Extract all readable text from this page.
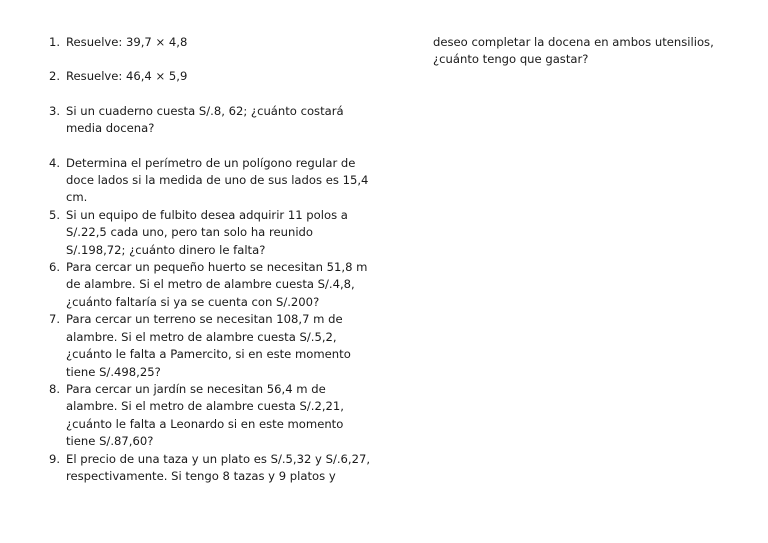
1. Resuelve: 39,7 × 4,8
2. Resuelve: 46,4 × 5,9
3. Si un cuaderno cuesta S/.8, 62; ¿cuánto costará
media docena?
4. Determina el perímetro de un polígono regular de
doce lados si la medida de uno de sus lados es 15,4
cm.
5. Si un equipo de fulbito desea adquirir 11 polos a
S/.22,5 cada uno, pero tan solo ha reunido
S/.198,72; ¿cuánto dinero le falta?
6. Para cercar un pequeño huerto se necesitan 51,8 m
de alambre. Si el metro de alambre cuesta S/.4,8,
¿cuánto faltaría si ya se cuenta con S/.200?
7. Para cercar un terreno se necesitan 108,7 m de
alambre. Si el metro de alambre cuesta S/.5,2,
¿cuánto le falta a Pamercito, si en este momento
tiene S/.498,25?
8. Para cercar un jardín se necesitan 56,4 m de
alambre. Si el metro de alambre cuesta S/.2,21,
¿cuánto le falta a Leonardo si en este momento
tiene S/.87,60?
9. El precio de una taza y un plato es S/.5,32 y S/.6,27,
respectivamente. Si tengo 8 tazas y 9 platos y
deseo completar la docena en ambos utensilios,
¿cuánto tengo que gastar?
